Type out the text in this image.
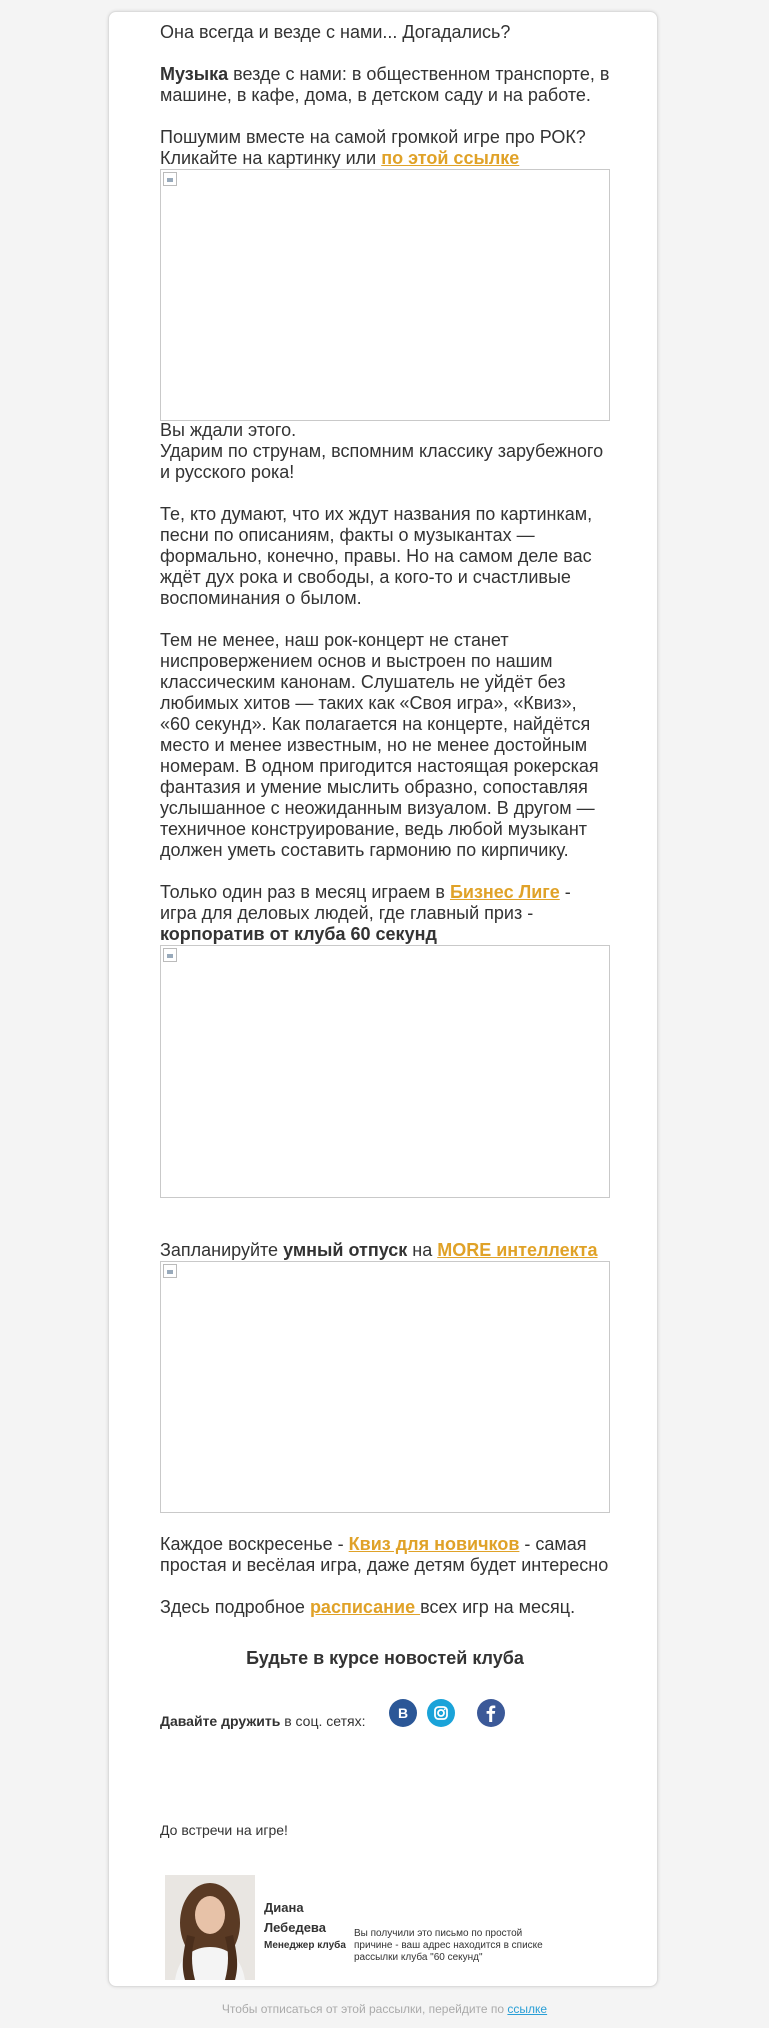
Она всегда и везде с нами... Догадались?

Музыка везде с нами: в общественном транспорте, в машине, в кафе, дома, в детском саду и на работе.

Пошумим вместе на самой громкой игре про РОК?

Кликайте на картинку или по этой ссылке

Вы ждали этого.

Ударим по струнам, вспомним классику зарубежного и русского рока!

Те, кто думают, что их ждут названия по картинкам, песни по описаниям, факты о музыкантах — формально, конечно, правы. Но на самом деле вас ждёт дух рока и свободы, а кого-то и счастливые воспоминания о былом.

Тем не менее, наш рок-концерт не станет ниспровержением основ и выстроен по нашим классическим канонам. Слушатель не уйдёт без любимых хитов — таких как «Своя игра», «Квиз», «60 секунд». Как полагается на концерте, найдётся место и менее известным, но не менее достойным номерам. В одном пригодится настоящая рокерская фантазия и умение мыслить образно, сопоставляя услышанное с неожиданным визуалом. В другом — техничное конструирование, ведь любой музыкант должен уметь составить гармонию по кирпичику.

Только один раз в месяц играем в Бизнес Лиге - игра для деловых людей, где главный приз - корпоратив от клуба 60 секунд

Запланируйте умный отпуск на MORE интеллекта

Каждое воскресенье - Квиз для новичков - самая простая и весёлая игра, даже детям будет интересно

Здесь подробное расписание всех игр на месяц.

Будьте в курсе новостей клуба

Давайте дружить в соц. сетях:	В
До встречи на игре!
Диана Лебедева
Менеджер клуба
Вы получили это письмо по простой причине - ваш адрес находится в списке рассылки клуба "60 секунд"
Чтобы отписаться от этой рассылки, перейдите по ссылке
